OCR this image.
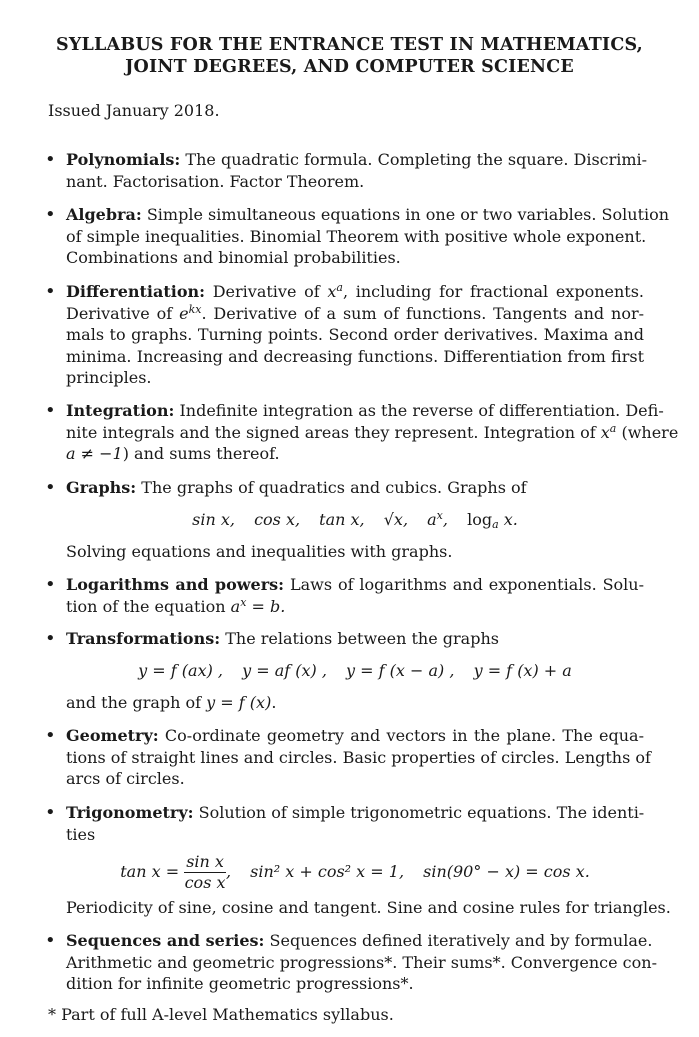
SYLLABUS FOR THE ENTRANCE TEST IN MATHEMATICS,
JOINT DEGREES, AND COMPUTER SCIENCE
Issued January 2018.
• Polynomials: The quadratic formula. Completing the square. Discrimi-
nant. Factorisation. Factor Theorem.
• Algebra: Simple simultaneous equations in one or two variables. Solution
of simple inequalities. Binomial Theorem with positive whole exponent.
Combinations and binomial probabilities.
• Differentiation: Derivative of $x^a$, including for fractional exponents.
Derivative of $e^{kx}$. Derivative of a sum of functions. Tangents and nor-
mals to graphs. Turning points. Second order derivatives. Maxima and
minima. Increasing and decreasing functions. Differentiation from first
principles.
• Integration: Indefinite integration as the reverse of differentiation. Defi-
nite integrals and the signed areas they represent. Integration of $x^a$ (where
a ≠ −1) and sums thereof.
• Graphs: The graphs of quadratics and cubics. Graphs of
sin x, cos x, tan x, √x, $a^x$, $\log_a x$.
Solving equations and inequalities with graphs.
• Logarithms and powers: Laws of logarithms and exponentials. Solu-
tion of the equation $a^x = b$.
• Transformations: The relations between the graphs
y = f (ax) , y = af (x) , y = f (x − a) , y = f (x) + a
and the graph of y = f (x).
• Geometry: Co-ordinate geometry and vectors in the plane. The equa-
tions of straight lines and circles. Basic properties of circles. Lengths of
arcs of circles.
• Trigonometry: Solution of simple trigonometric equations. The identi-
ties
$\tan x = \frac{\text{sin x}}{\text{cos x}}$ , sin² x + cos² x = 1, sin(90° − x) = cos x.
Periodicity of sine, cosine and tangent. Sine and cosine rules for triangles.
• Sequences and series: Sequences defined iteratively and by formulae.
Arithmetic and geometric progressions*. Their sums*. Convergence con-
dition for infinite geometric progressions*.
* Part of full A-level Mathematics syllabus.
